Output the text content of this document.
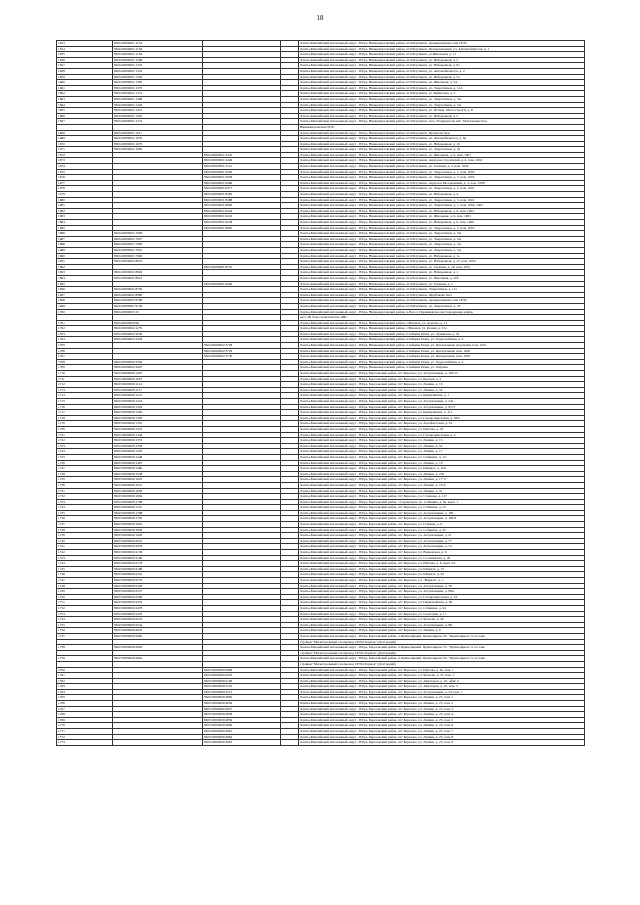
18
1653	86:04:0000001:1154			Ханты-Мансийский автономный округ - Югра, Нижневартовский район, пгт.Излучинск, промышленная зона ГРЭС
1654	86:04:0000001:1159			Ханты-Мансийский автономный округ - Югра, Нижневартовский район, пгт.Излучинск, Промышленная, уч. Автомобилистов, д. 1
1655	86:04:0000001:1164			Ханты-Мансийский автономный округ - Югра, Нижневартовский район, пгт.Излучинск, ул.Школьная, д. 11
1656	86:04:0000001:1296			Ханты-Мансийский автономный округ - Югра, Нижневартовский район, пгт.Излучинск, ул. Набережная, д. 5
1657	86:04:0000001:1325			Ханты-Мансийский автономный округ - Югра, Нижневартовский район, пгт.Излучинск, ул. Набережная, д. 8а
1658	86:04:0000001:1352			Ханты-Мансийский автономный округ - Югра, Нижневартовский район, пгт.Излучинск, ул. Автомобилистов, д. 2
1659	86:04:0000001:1362			Ханты-Мансийский автономный округ - Югра, Нижневартовский район, пгт.Излучинск, ул. Набережная, д. 5а
1660	86:04:0000001:1365			Ханты-Мансийский автономный округ - Югра, Нижневартовский район, пгт.Излучинск, ул. Школьная, д. 5А
1661	86:04:0000001:1370			Ханты-Мансийский автономный округ - Югра, Нижневартовский район, пгт.Излучинск, ул. Энергетиков, д. 11А
1662	86:04:0000001:1374			Ханты-Мансийский автономный округ - Югра, Нижневартовский район, пгт.Излучинск, ул. Байкалова, д. 5
1663	86:04:0000001:1388			Ханты-Мансийский автономный округ - Югра, Нижневартовский район, пгт.Излучинск, ул. Энергетиков, д. 5А
1664	86:04:0000001:1426			Ханты-Мансийский автономный округ - Югра, Нижневартовский район, пгт.Излучинск, ул. Энергетиков, д. 5А
1665	86:04:0000001:1451			Ханты-Мансийский автономный округ - Югра, Нижневартовский район, пгт.Излучинск, ул. Истина, Мостостроя 6, д. 8
1666	86:04:0000001:1465			Ханты-Мансийский автономный округ - Югра, Нижневартовский район, пгт.Излучинск, ул. Набережная, д. 2
1667	86:04:0000001:1574			Ханты-Мансийский автономный округ - Югра, Нижневартовский район, пгт.Излучинск, база "Разрядности нм", Монтажная база,
				Нижневартовская ГРЭС
1668	86:04:0000001:1611			Ханты-Мансийский автономный округ - Югра, Нижневартовский район, пгт.Излучинск, Промзона база
1669	86:04:0000001:1633			Ханты-Мансийский автономный округ - Югра, Нижневартовский район, пгт.Излучинск, ул. Автомобилистов, д. 8а
1670	86:04:0000001:1676			Ханты-Мансийский автономный округ - Югра, Нижневартовский район, пгт.Излучинск, ул. Набережная, д. 19
1671	86:04:0000001:1685			Ханты-Мансийский автономный округ - Югра, Нижневартовский район, пгт.Излучинск, ул. Энергетиков, д. 2а
1672		86:04:0000001:2323		Ханты-Мансийский автономный округ - Югра, Нижневартовский район, пгт.Излучинск, ул. Школьная, д. 6, пом. 1001
1673		86:04:0000001:2449		Ханты-Мансийский автономный округ - Югра, Нижневартовский район, пгт.Излучинск, переулок Строителей, д. 2, пом. 1002
1674		86:04:0000001:3115		Ханты-Мансийский автономный округ - Югра, Нижневартовский район, пгт.Излучинск, ул. Таежная, д. 5, пом. 1002
1675		86:04:0000001:2583		Ханты-Мансийский автономный округ - Югра, Нижневартовский район, пгт.Излучинск, ул. Энергетиков, д. 1, пом. 1002
1676		86:04:0000001:3058		Ханты-Мансийский автономный округ - Югра, Нижневартовский район, пгт.Излучинск, ул. Энергетиков, д. 5, пом. 1003
1677		86:04:0000001:6466		Ханты-Мансийский автономный округ - Югра, Нижневартовский район, пгт.Излучинск, переулок Молодежный, д. 4, пом. 1008
1678		86:04:0000001:8477		Ханты-Мансийский автономный округ - Югра, Нижневартовский район, пгт.Излучинск, ул. Энергетиков, д. 2, пом. 1001
1679		86:04:0000001:8481		Ханты-Мансийский автономный округ - Югра, Нижневартовский район, пгт.Излучинск, ул. Набережная, д. 4
1680		86:04:0000001:8488		Ханты-Мансийский автономный округ - Югра, Нижневартовский район, пгт.Излучинск, ул. Энергетиков, д. 3, пом. 1001
1681		86:04:0000001:8960		Ханты-Мансийский автономный округ - Югра, Нижневартовский район, пгт.Излучинск, ул. Энергетиков, д. 1, пом. 1004, 1005
1682		86:04:0000001:9204		Ханты-Мансийский автономный округ - Югра, Нижневартовский район, пгт.Излучинск, ул. Набережная, д. 6, пом. 1004
1683		86:04:0000001:9216		Ханты-Мансийский автономный округ - Югра, Нижневартовский район, пгт.Излучинск, ул. Школьная, д. 6, пом. 1001
1684		86:04:0000001:9238		Ханты-Мансийский автономный округ - Югра, Нижневартовский район, пгт.Излучинск, ул. Набережная, д. 9, пом. 1006
1685		86:04:0000001:8895		Ханты-Мансийский автономный округ - Югра, Нижневартовский район, пгт.Излучинск, ул. Энергетиков, д. 5, пом. 1003
1686	86:04:0000001:7906			Ханты-Мансийский автономный округ - Югра, Нижневартовский район, пгт.Излучинск, ул. Энергетиков, д. 5А
1687	86:04:0000001:7907			Ханты-Мансийский автономный округ - Югра, Нижневартовский район, пгт.Излучинск, ул. Энергетиков, д. 5А
1688	86:04:0000001:7909			Ханты-Мансийский автономный округ - Югра, Нижневартовский район, пгт.Излучинск, ул. Энергетиков, д. 5А
1689	86:04:0000001:7910			Ханты-Мансийский автономный округ - Югра, Нижневартовский район, пгт.Излучинск, ул. Энергетиков, д. 5А
1690	86:04:0000001:7960			Ханты-Мансийский автономный округ - Югра, Нижневартовский район, пгт.Излучинск, ул. Набережная, д. 1а
1691	86:04:0000001:8053			Ханты-Мансийский автономный округ - Югра, Нижневартовский район, пгт.Излучинск, ул. Набережная, д. 27, пом. 1002
1692		86:04:0000001:8761		Ханты-Мансийский автономный округ - Югра, Нижневартовский район, пгт.Излучинск, ул. Таежная, д. 18, пом. 1001
1693	86:04:0000001:8902			Ханты-Мансийский автономный округ - Югра, Нижневартовский район, пгт.Излучинск, ул. Набережная, д. 1
1694	86:04:0000001:8913			Ханты-Мансийский автономный округ - Югра, Нижневартовский район, пгт.Излучинск, ул. Школьная, д. 20б
1695		86:04:0000001:9464		Ханты-Мансийский автономный округ - Югра, Нижневартовский район, пгт.Излучинск, ул. Таежная, д. 2
1696	86:04:0000001:8756			Ханты-Мансийский автономный округ - Югра, Нижневартовский район, пгт.Излучинск, Энергетиков, д. 11а
1697	86:04:0000001:8980			Ханты-Мансийский автономный округ - Югра, Нижневартовский район, пгт.Излучинск, Щербакова база
1698	86:04:0000001:9598			Ханты-Мансийский автономный округ - Югра, Нижневартовский район, пгт.Излучинск, промышленная зона ГРЭС
1699	86:04:0000001:9130			Ханты-Мансийский автономный округ - Югра, Нижневартовский район, пгт.Излучинск, ул. Энергетиков, д. 25
1700	86:04:0000003:15			Ханты-Мансийский автономный округ - Югра, Нижневартовский район, п.Пасол, Пермяковское месторождение нефти,
				куст 48, база строительства ДНС
1701	86:04:0000000:98			Ханты-Мансийский автономный округ - Югра, Нижневартовский район, с.Ваховск, ул. Агапова, д. 11
1702	86:04:0000002:1279			Ханты-Мансийский автономный округ - Югра, Нижневартовский район, с.Ваховск, ул. Речная, д. 15а
1703	86:04:0000002:3036			Ханты-Мансийский автономный округ - Югра, Нижневартовский район, п.Зайцева Речка, ул. Лунёвская, д. 19
1704	86:04:0000002:3436			Ханты-Мансийский автономный округ - Югра, Нижневартовский район, п.Зайцева Речка, ул. Трудолюбивая, д. 6
1705		86:04:0000002:3728		Ханты-Мансийский автономный округ - Югра, Нижневартовский район, п.Зайцева Речка, ул. Центральная, Дорожная, пом. 1001
1706		86:04:0000002:3729		Ханты-Мансийский автономный округ - Югра, Нижневартовский район, п.Зайцева Речка, ул. Центральная, пом. 1002
1707		86:04:0000002:3730		Ханты-Мансийский автономный округ - Югра, Нижневартовский район, п.Зайцева Речка, ул. Центральная, пом. 1003
1708	86:04:0000002:3284			Ханты-Мансийский автономный округ - Югра, Нижневартовский район, п.Зайцева Речка, ул. Трудолюбивая, д. 9
1709	86:04:0000002:4497			Ханты-Мансийский автономный округ - Югра, Нижневартовский район, п.Зайцева Речка, ул. Озёрная
1710	86:05:0000000:1407			Ханты-Мансийский автономный округ - Югра, Березовский район, пгт Березово, ул. Астраханцева, д. 182/15
1711	86:05:0000000:1067			Ханты-Мансийский автономный округ - Югра, Березовский район, пгт Березово, ул. Братьев, д. 5
1712	86:05:0000000:1114			Ханты-Мансийский автономный округ - Югра, Березовский район, пгт Березово, ул. Ленина, д. 16
1713	86:05:0000000:1117			Ханты-Мансийский автономный округ - Югра, Березовский район, пгт Березово, ул. Ленина, д. 34
1714	86:05:0000000:1221			Ханты-Мансийский автономный округ - Югра, Березовский район, пгт Березово, ул. Кривуляпина, д. 1
1715	86:05:0000000:1254			Ханты-Мансийский автономный округ - Югра, Березовский район, пгт Березово, ул. Астраханцева, д. 24а
1716	86:05:0000000:1263			Ханты-Мансийский автономный округ - Югра, Березовский район, пгт Березово, ул. Астраханцева, д. 95"а"
1717	86:05:0000000:1282			Ханты-Мансийский автономный округ - Югра, Березовский район, пгт Березово, ул. Кривуляпина, д. 31а
1718	86:05:0000000:1300			Ханты-Мансийский автономный округ - Югра, Березовский район, пгт Березово, ул. Газопромысловая, д. 38А
1719	86:05:0000000:1310			Ханты-Мансийский автономный округ - Югра, Березовский район, пгт Березово, ул. Аэрофлотская, д. 22
1720	86:05:0000000:1323			Ханты-Мансийский автономный округ - Югра, Березовский район, пгт Березово, ул. Шухова, д. 18
1721	86:05:0000000:1346			Ханты-Мансийский автономный округ - Югра, Березовский район, пгт Березово, ул. Газопромысловая, д. 4
1722	86:05:0000000:1353			Ханты-Мансийский автономный округ - Югра, Березовский район, пгт Березово, ул. Ленина, д. 15
1723	86:05:0000000:1358			Ханты-Мансийский автономный округ - Югра, Березовский район, пгт Березово, ул. Ленина, д. 52
1724	86:05:0000000:1363			Ханты-Мансийский автономный округ - Югра, Березовский район, пгт Березово, ул. Ленина, д. 17
1725	86:05:0000000:1448			Ханты-Мансийский автономный округ - Югра, Березовский район, пгт Березово, ул. Собянина, д. 12
1726	86:05:0000000:1467			Ханты-Мансийский автономный округ - Югра, Березовский район, пгт Березово, ул. Ленина, д. 19
1727	86:05:0000000:1490			Ханты-Мансийский автономный округ - Югра, Березовский район, пгт Березово, ул. Шмидта, д. 10А
1728	86:05:0000000:1538			Ханты-Мансийский автономный округ - Югра, Березовский район, пгт Березово, ул. Ленина, д. 25б
1729	86:05:0000000:1623			Ханты-Мансийский автономный округ - Югра, Березовский район, пгт Березово, ул. Ленина, д. 17"а"
1730	86:05:0000000:1631			Ханты-Мансийский автономный округ - Югра, Березовский район, пгт Березово, ул. Ленина, д. 19 А
1731	86:05:0000000:1658			Ханты-Мансийский автономный округ - Югра, Березовский район, пгт Березово, ул. Ленина, д. 31
1732	86:05:0000000:1664			Ханты-Мансийский автономный округ - Югра, Березовский район, пгт Березово, ул. Стоянова, д. 117
1733	86:05:0000000:1708			Ханты-Мансийский автономный округ - Югра, Березовский район, с.Саранпауль, ул. Собянина, д. 8а, корп. 1
1734	86:05:0000000:1761			Ханты-Мансийский автономный округ - Югра, Березовский район, пгт Березово, ул. Собянина, д. 23
1735	86:05:0000000:1768			Ханты-Мансийский автономный округ - Югра, Березовский район, пгт Березово, ул. Астраханцева, д. 182
1736	86:05:0000000:1792			Ханты-Мансийский автономный округ - Югра, Березовский район, пгт Березово, ул. Астраханцева, д. 182/8
1737	86:05:0000000:1845			Ханты-Мансийский автономный округ - Югра, Березовский район, пгт Березово, ул. Губкина, д. 9
1738	86:05:0000000:1856			Ханты-Мансийский автономный округ - Югра, Березовский район, пгт Березово, ул. Собянина, д. 45
1739	86:05:0000000:1920			Ханты-Мансийский автономный округ - Югра, Березовский район, пгт Березово, ул. Астраханцева, д. 47
1740	86:05:0000000:2016			Ханты-Мансийский автономный округ - Югра, Березовский район, пгт Березово, ул. Астраханцева, д. 77
1741	86:05:0000000:2078			Ханты-Мансийский автономный округ - Югра, Березовский район, пгт Березово, ул. Астраханцева, д. 74
1742	86:05:0000000:2136			Ханты-Мансийский автономный округ - Югра, Березовский район, пгт Березово, ул. Варварская, д. 6
1743	86:05:0000000:2160			Ханты-Мансийский автономный округ - Югра, Березовский район, пгт Березово, ул. Сосьвинская, д. 4б
1744	86:05:0000000:2178			Ханты-Мансийский автономный округ - Югра, Березовский район, пгт Березово, ул. Шухова, д. 6, корп. 34
1745	86:05:0000000:2188			Ханты-Мансийский автономный округ - Югра, Березовский район, пгт Березово, ул. Шмидта, д. 15
1746	86:05:0000000:2191			Ханты-Мансийский автономный округ - Югра, Березовский район, пгт Березово, ул. Шмидта, д. 20
1747	86:05:0000000:2276			Ханты-Мансийский автономный округ - Югра, Березовский район, пгт Березово, ул. "Наумов", д. 1
1748	86:05:0000000:2328			Ханты-Мансийский автономный округ - Югра, Березовский район, пгт Березово, ул. Астраханцева, д. 58
1749	86:05:0000000:2337			Ханты-Мансийский автономный округ - Югра, Березовский район, пгт Березово, ул. Астраханцева, д. 98А
1750	86:05:0000000:2366			Ханты-Мансийский автономный округ - Югра, Березовский район, пгт Березово, ул. Газопромысловая, д. 16
1751	86:05:0000000:2453			Ханты-Мансийский автономный округ - Югра, Березовский район, пгт Березово, ул. Первомайская, д. 96
1752	86:05:0000000:2478			Ханты-Мансийский автономный округ - Югра, Березовский район, пгт Березово, ул. Собянина, д. 44
1753	86:05:0000000:2479			Ханты-Мансийский автономный округ - Югра, Березовский район, пгт Березово, ул. Советская, д. 17
1754	86:05:0000000:2532			Ханты-Мансийский автономный округ - Югра, Березовский район, пгт Березово, ул. Чкалова, д. 39
1755	86:05:0000000:2542			Ханты-Мансийский автономный округ - Югра, Березовский район, пгт Березово, ул. Астраханцева, д. 9Б
1756	86:05:0000000:2643			Ханты-Мансийский автономный округ - Югра, Березовский район, пгт Березово, ул. Ленина, д. 6
1757	86:05:0000000:2660			Ханты-Мансийский автономный округ - Югра, Березовский район, п.Приполярный, Приполярное УС "Приполярное" в составе
				стройки "Магистральный газопровод СРТО-Торжок" (Доттрорий)
1758	86:05:0000000:2662			Ханты-Мансийский автономный округ - Югра, Березовский район, п.Приполярный, Приполярное УС "Приполярное" в составе
				стройки "Магистральный газопровод СРТО-Торжок" (Доттрорий)
1759	86:05:0000000:2663			Ханты-Мансийский автономный округ - Югра, Березовский район, п.Приполярный, Приполярное УС "Приполярное" в составе
				стройки "Магистральный газопровод СРТО-Торжок" (Доттрорий)
1760		86:05:0000000:2886		Ханты-Мансийский автономный округ - Югра, Березовский район, пгт Березово, ул. Шухова, д. 8а, пом. 1
1761		86:05:0000000:2970		Ханты-Мансийский автономный округ - Югра, Березовский район, пгт Березово, ул. Чкалова, д. 37, пом. 1
1762		86:05:0000000:3100		Ханты-Мансийский автономный округ - Югра, Березовский район, пгт Березово, ул. Авиаторов, д. 10, офис 2
1763		86:05:0000000:3116		Ханты-Мансийский автономный округ - Югра, Березовский район, пгт Березово, ул. Авиаторов, д. 10, пом. 5
1764		86:05:0000000:3213		Ханты-Мансийский автономный округ - Югра, Березовский район, пгт Березово, ул. Астраханцева, д. 54, пом. 1
1765		86:05:0000000:4865		Ханты-Мансийский автономный округ - Югра, Березовский район, пгт Березово, ул. Ленина, д. 25, пом. 1
1766		86:05:0000000:4856		Ханты-Мансийский автономный округ - Югра, Березовский район, пгт Березово, ул. Ленина, д. 25, пом. 2
1767		86:05:0000000:4857		Ханты-Мансийский автономный округ - Югра, Березовский район, пгт Березово, ул. Ленина, д. 25, пом. 3
1768		86:05:0000000:4858		Ханты-Мансийский автономный округ - Югра, Березовский район, пгт Березово, ул. Ленина, д. 25, пом. 4
1769		86:05:0000000:4859		Ханты-Мансийский автономный округ - Югра, Березовский район, пгт Березово, ул. Ленина, д. 25, пом. 5
1770		86:05:0000000:4860		Ханты-Мансийский автономный округ - Югра, Березовский район, пгт Березово, ул. Ленина, д. 25, пом. 6
1771		86:05:0000000:4861		Ханты-Мансийский автономный округ - Югра, Березовский район, пгт Березово, ул. Ленина, д. 25, пом. 7
1772		86:05:0000000:4862		Ханты-Мансийский автономный округ - Югра, Березовский район, пгт Березово, ул. Ленина, д. 25, пом. 8
1773		86:05:0000000:4863		Ханты-Мансийский автономный округ - Югра, Березовский район, пгт Березово, ул. Ленина, д. 25, пом. 9
